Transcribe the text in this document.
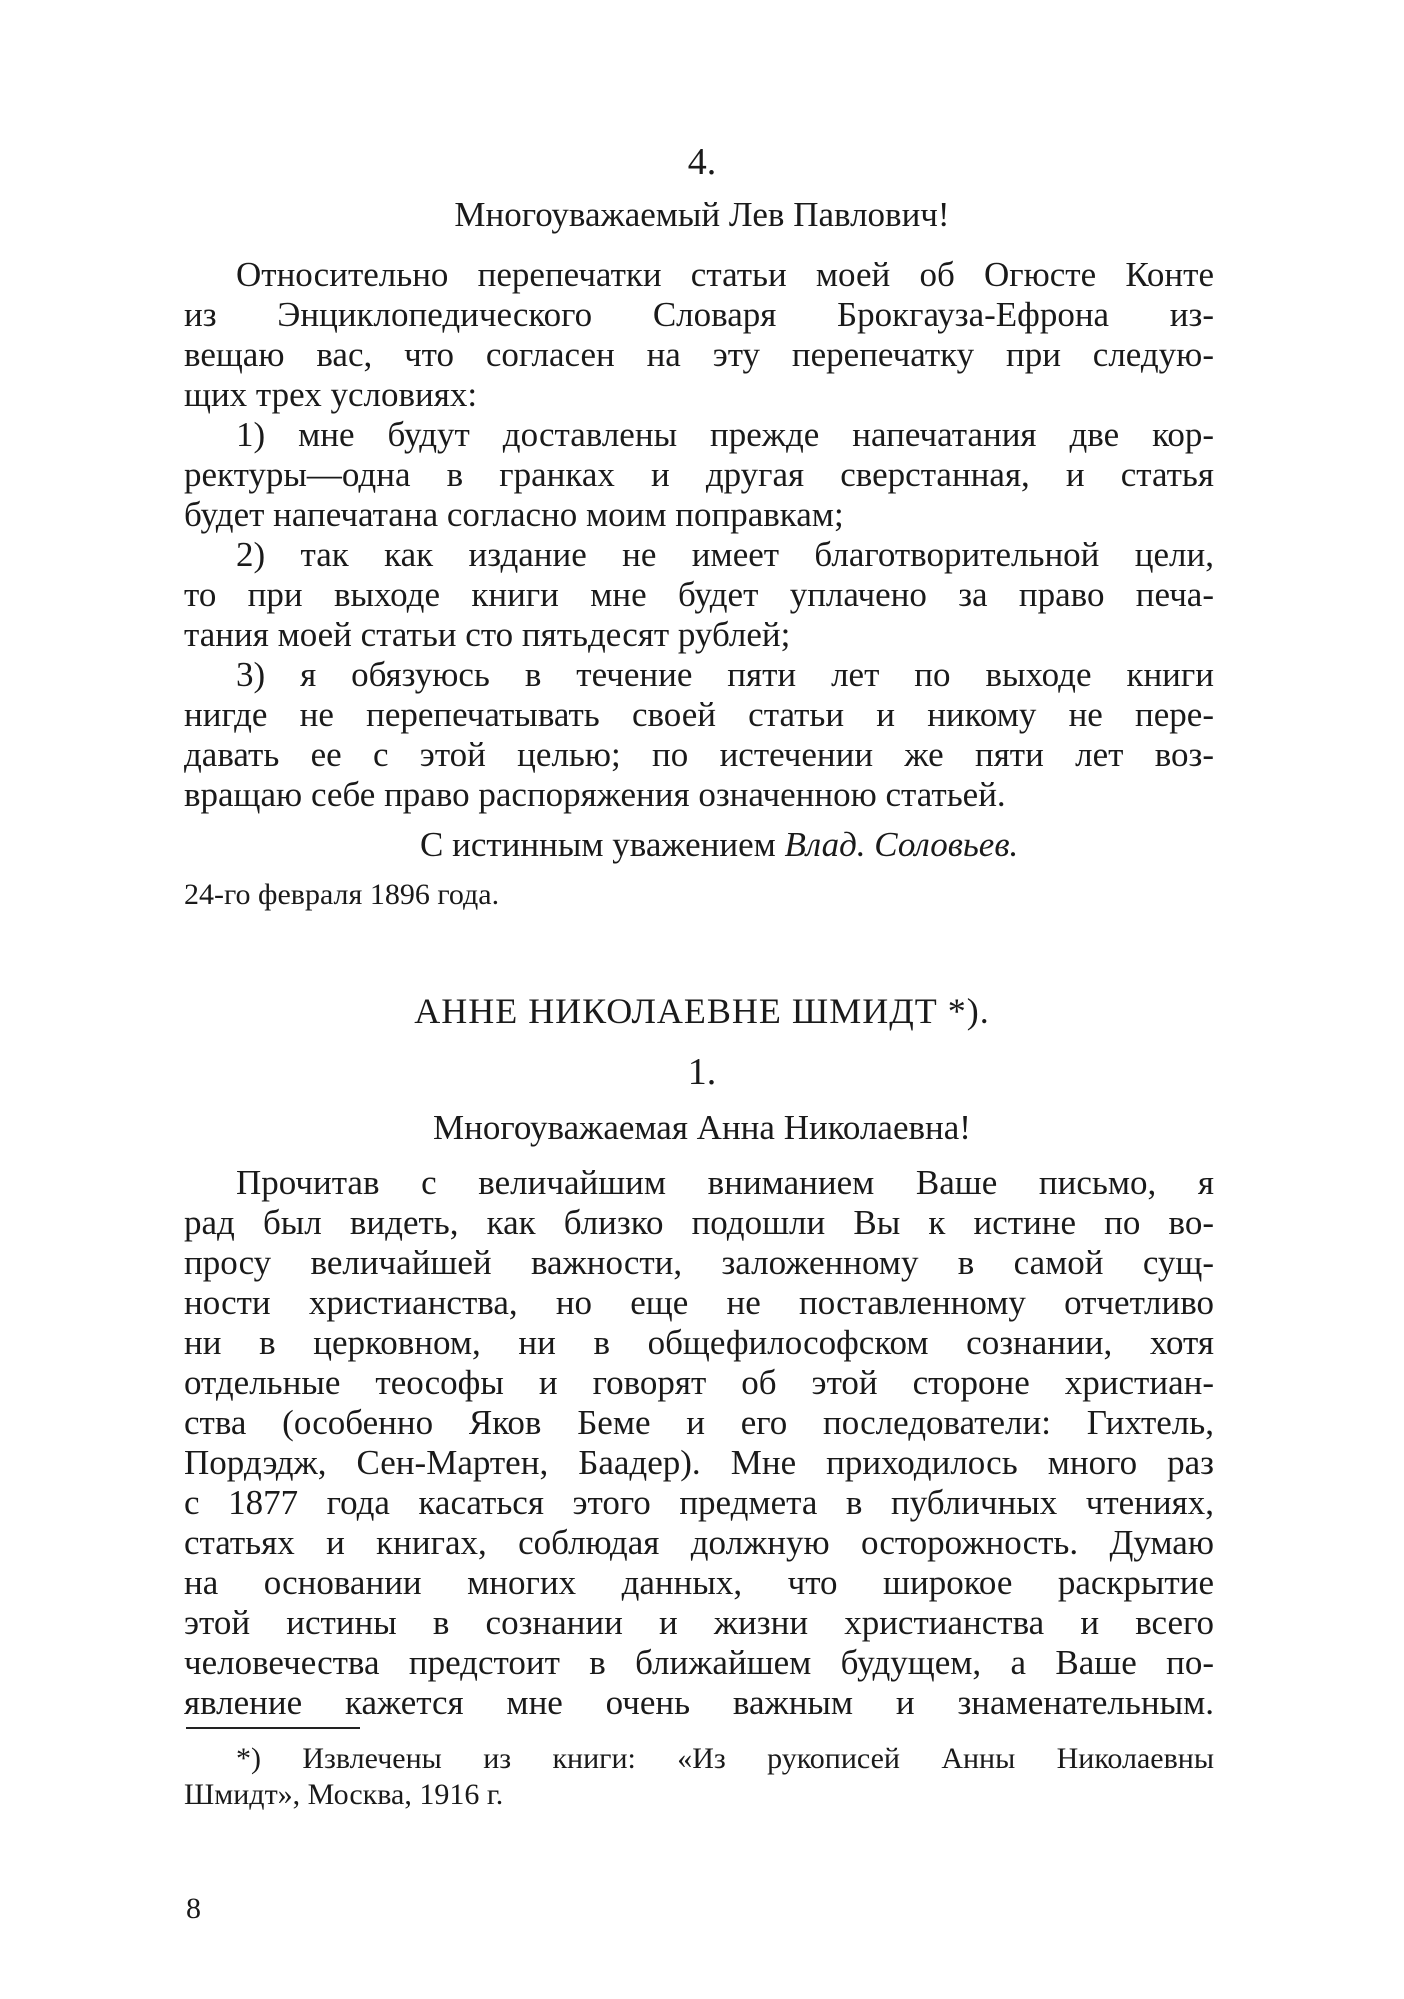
4.
Многоуважаемый Лев Павлович!
Относительно перепечатки статьи моей об Огюсте Конте
из Энциклопедического Словаря Брокгауза-Ефрона из-
вещаю вас, что согласен на эту перепечатку при следую-
щих трех условиях:
1) мне будут доставлены прежде напечатания две кор-
ректуры—одна в гранках и другая сверстанная, и статья
будет напечатана согласно моим поправкам;
2) так как издание не имеет благотворительной цели,
то при выходе книги мне будет уплачено за право печа-
тания моей статьи сто пятьдесят рублей;
3) я обязуюсь в течение пяти лет по выходе книги
нигде не перепечатывать своей статьи и никому не пере-
давать ее с этой целью; по истечении же пяти лет воз-
вращаю себе право распоряжения означенною статьей.
С истинным уважением Влад. Соловьев.
24-го февраля 1896 года.
АННЕ НИКОЛАЕВНЕ ШМИДТ *).
1.
Многоуважаемая Анна Николаевна!
Прочитав с величайшим вниманием Ваше письмо, я
рад был видеть, как близко подошли Вы к истине по во-
просу величайшей важности, заложенному в самой сущ-
ности христианства, но еще не поставленному отчетливо
ни в церковном, ни в общефилософском сознании, хотя
отдельные теософы и говорят об этой стороне христиан-
ства (особенно Яков Беме и его последователи: Гихтель,
Пордэдж, Сен-Мартен, Баадер). Мне приходилось много раз
с 1877 года касаться этого предмета в публичных чтениях,
статьях и книгах, соблюдая должную осторожность. Думаю
на основании многих данных, что широкое раскрытие
этой истины в сознании и жизни христианства и всего
человечества предстоит в ближайшем будущем, а Ваше по-
явление кажется мне очень важным и знаменательным.
*) Извлечены из книги: «Из рукописей Анны Николаевны
Шмидт», Москва, 1916 г.
8
